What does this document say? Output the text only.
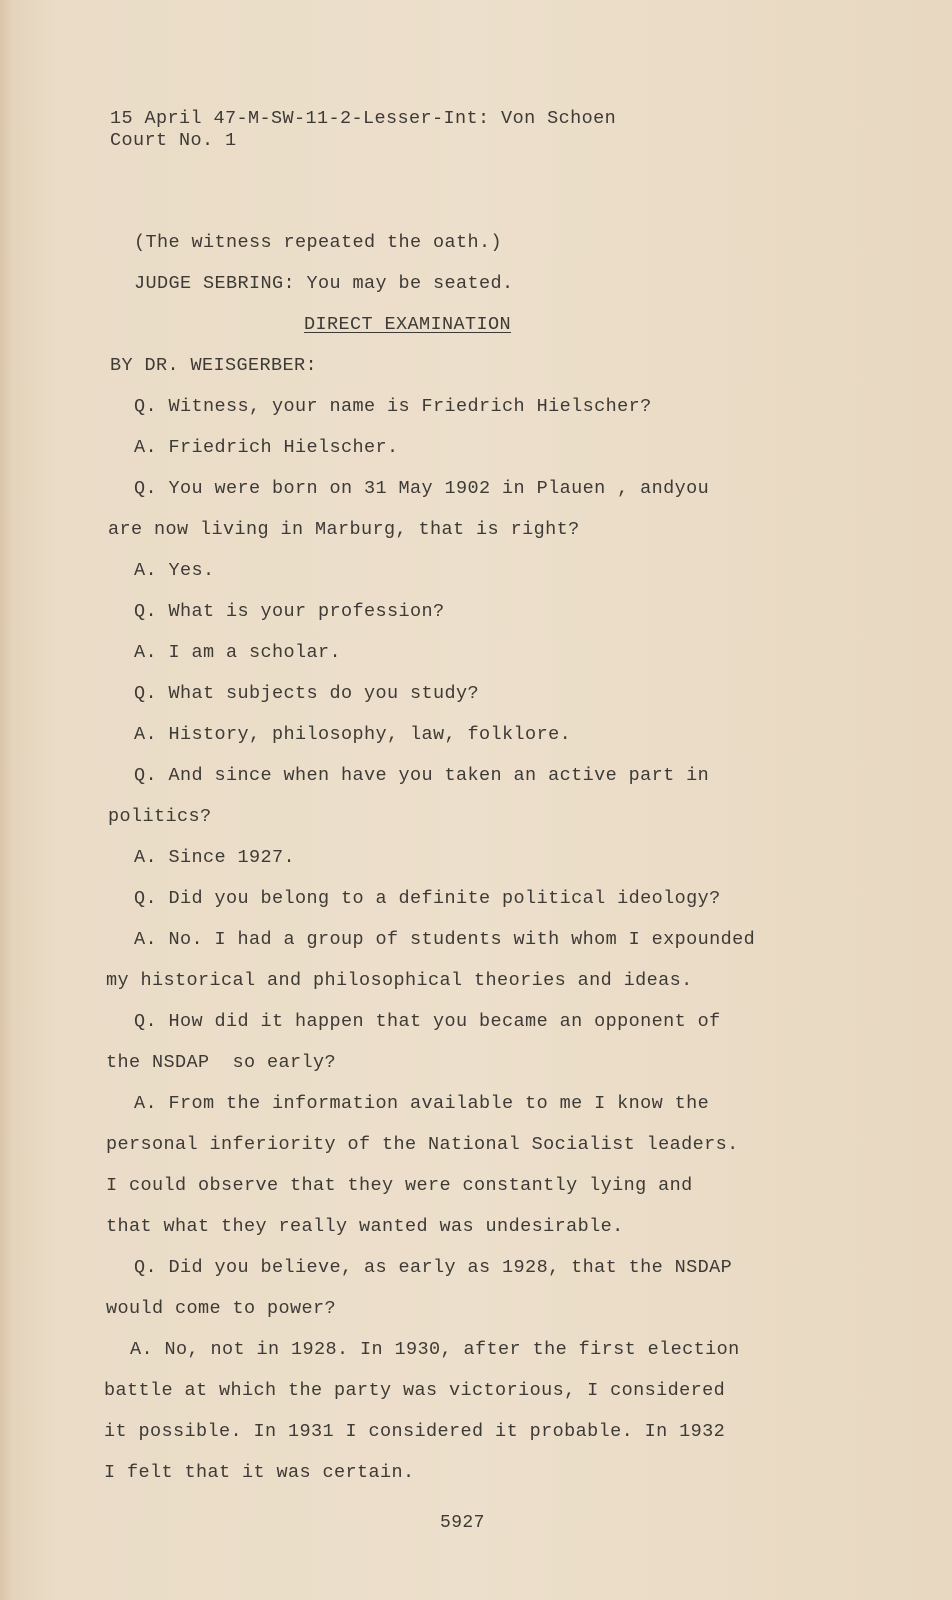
15 April 47-M-SW-11-2-Lesser-Int: Von Schoen
Court No. 1
(The witness repeated the oath.)
JUDGE SEBRING: You may be seated.
DIRECT EXAMINATION
BY DR. WEISGERBER:
Q. Witness, your name is Friedrich Hielscher?
A. Friedrich Hielscher.
Q. You were born on 31 May 1902 in Plauen , andyou
are now living in Marburg, that is right?
A. Yes.
Q. What is your profession?
A. I am a scholar.
Q. What subjects do you study?
A. History, philosophy, law, folklore.
Q. And since when have you taken an active part in
politics?
A. Since 1927.
Q. Did you belong to a definite political ideology?
A. No. I had a group of students with whom I expounded
my historical and philosophical theories and ideas.
Q. How did it happen that you became an opponent of
the NSDAP  so early?
A. From the information available to me I know the
personal inferiority of the National Socialist leaders.
I could observe that they were constantly lying and
that what they really wanted was undesirable.
Q. Did you believe, as early as 1928, that the NSDAP
would come to power?
A. No, not in 1928. In 1930, after the first election
battle at which the party was victorious, I considered
it possible. In 1931 I considered it probable. In 1932
I felt that it was certain.
5927
